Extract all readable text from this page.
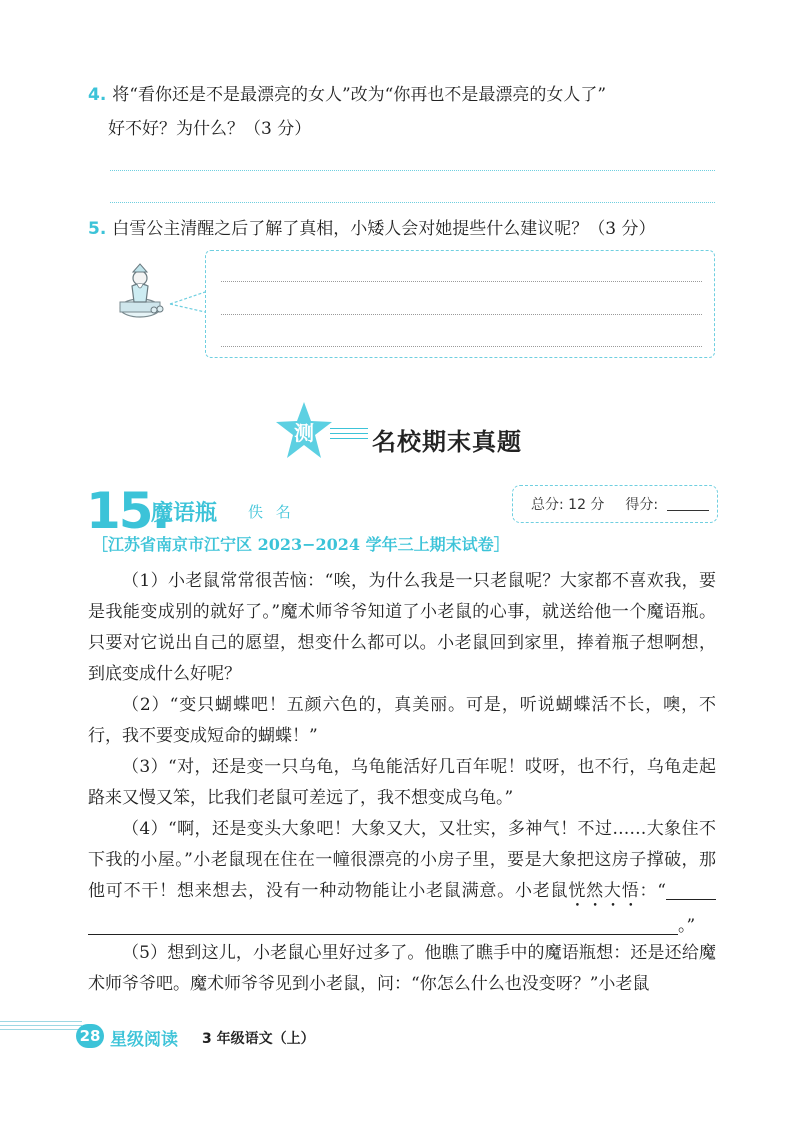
4. 将“看你还是不是最漂亮的女人”改为“你再也不是最漂亮的女人了”
好不好？为什么？（3 分）
5. 白雪公主清醒之后了解了真相，小矮人会对她提些什么建议呢？（3 分）
测 名校期末真题
15.
魔语瓶 佚 名	总分: 12 分 得分:
［江苏省南京市江宁区 2023−2024 学年三上期末试卷］
（1）小老鼠常常很苦恼：“唉，为什么我是一只老鼠呢？大家都不喜欢我，要是我能变成别的就好了。”魔术师爷爷知道了小老鼠的心事，就送给他一个魔语瓶。只要对它说出自己的愿望，想变什么都可以。小老鼠回到家里，捧着瓶子想啊想，到底变成什么好呢？
（2）“变只蝴蝶吧！五颜六色的，真美丽。可是，听说蝴蝶活不长，噢，不行，我不要变成短命的蝴蝶！”
（3）“对，还是变一只乌龟，乌龟能活好几百年呢！哎呀，也不行，乌龟走起路来又慢又笨，比我们老鼠可差远了，我不想变成乌龟。”
（4）“啊，还是变头大象吧！大象又大，又壮实，多神气！不过……大象住不下我的小屋。”小老鼠现在住在一幢很漂亮的小房子里，要是大象把这房子撑破，那他可不干！想来想去，没有一种动物能让小老鼠满意。小老鼠恍然大悟：“。”
（5）想到这儿，小老鼠心里好过多了。他瞧了瞧手中的魔语瓶想：还是还给魔术师爷爷吧。魔术师爷爷见到小老鼠，问：“你怎么什么也没变呀？”小老鼠
28 星级阅读 3 年级语文（上）
